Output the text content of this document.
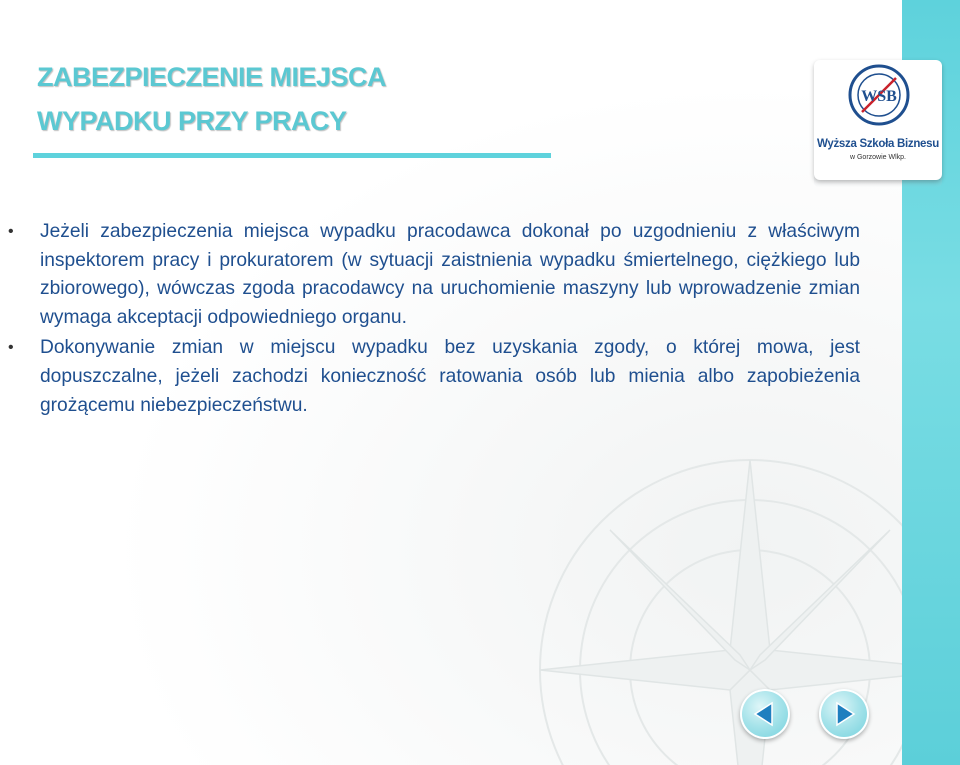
ZABEZPIECZENIE MIEJSCA
WYPADKU PRZY PRACY
WSB
Wyższa Szkoła Biznesu
w Gorzowie Wlkp.
• Jeżeli zabezpieczenia miejsca wypadku pracodawca dokonał po uzgodnieniu z właściwym inspektorem pracy i prokuratorem (w sytuacji zaistnienia wypadku śmiertelnego, ciężkiego lub zbiorowego), wówczas zgoda pracodawcy na uruchomienie maszyny lub wprowadzenie zmian wymaga akceptacji odpowiedniego organu.
• Dokonywanie zmian w miejscu wypadku bez uzyskania zgody, o której mowa, jest dopuszczalne, jeżeli zachodzi konieczność ratowania osób lub mienia albo zapobieżenia grożącemu niebezpieczeństwu.
